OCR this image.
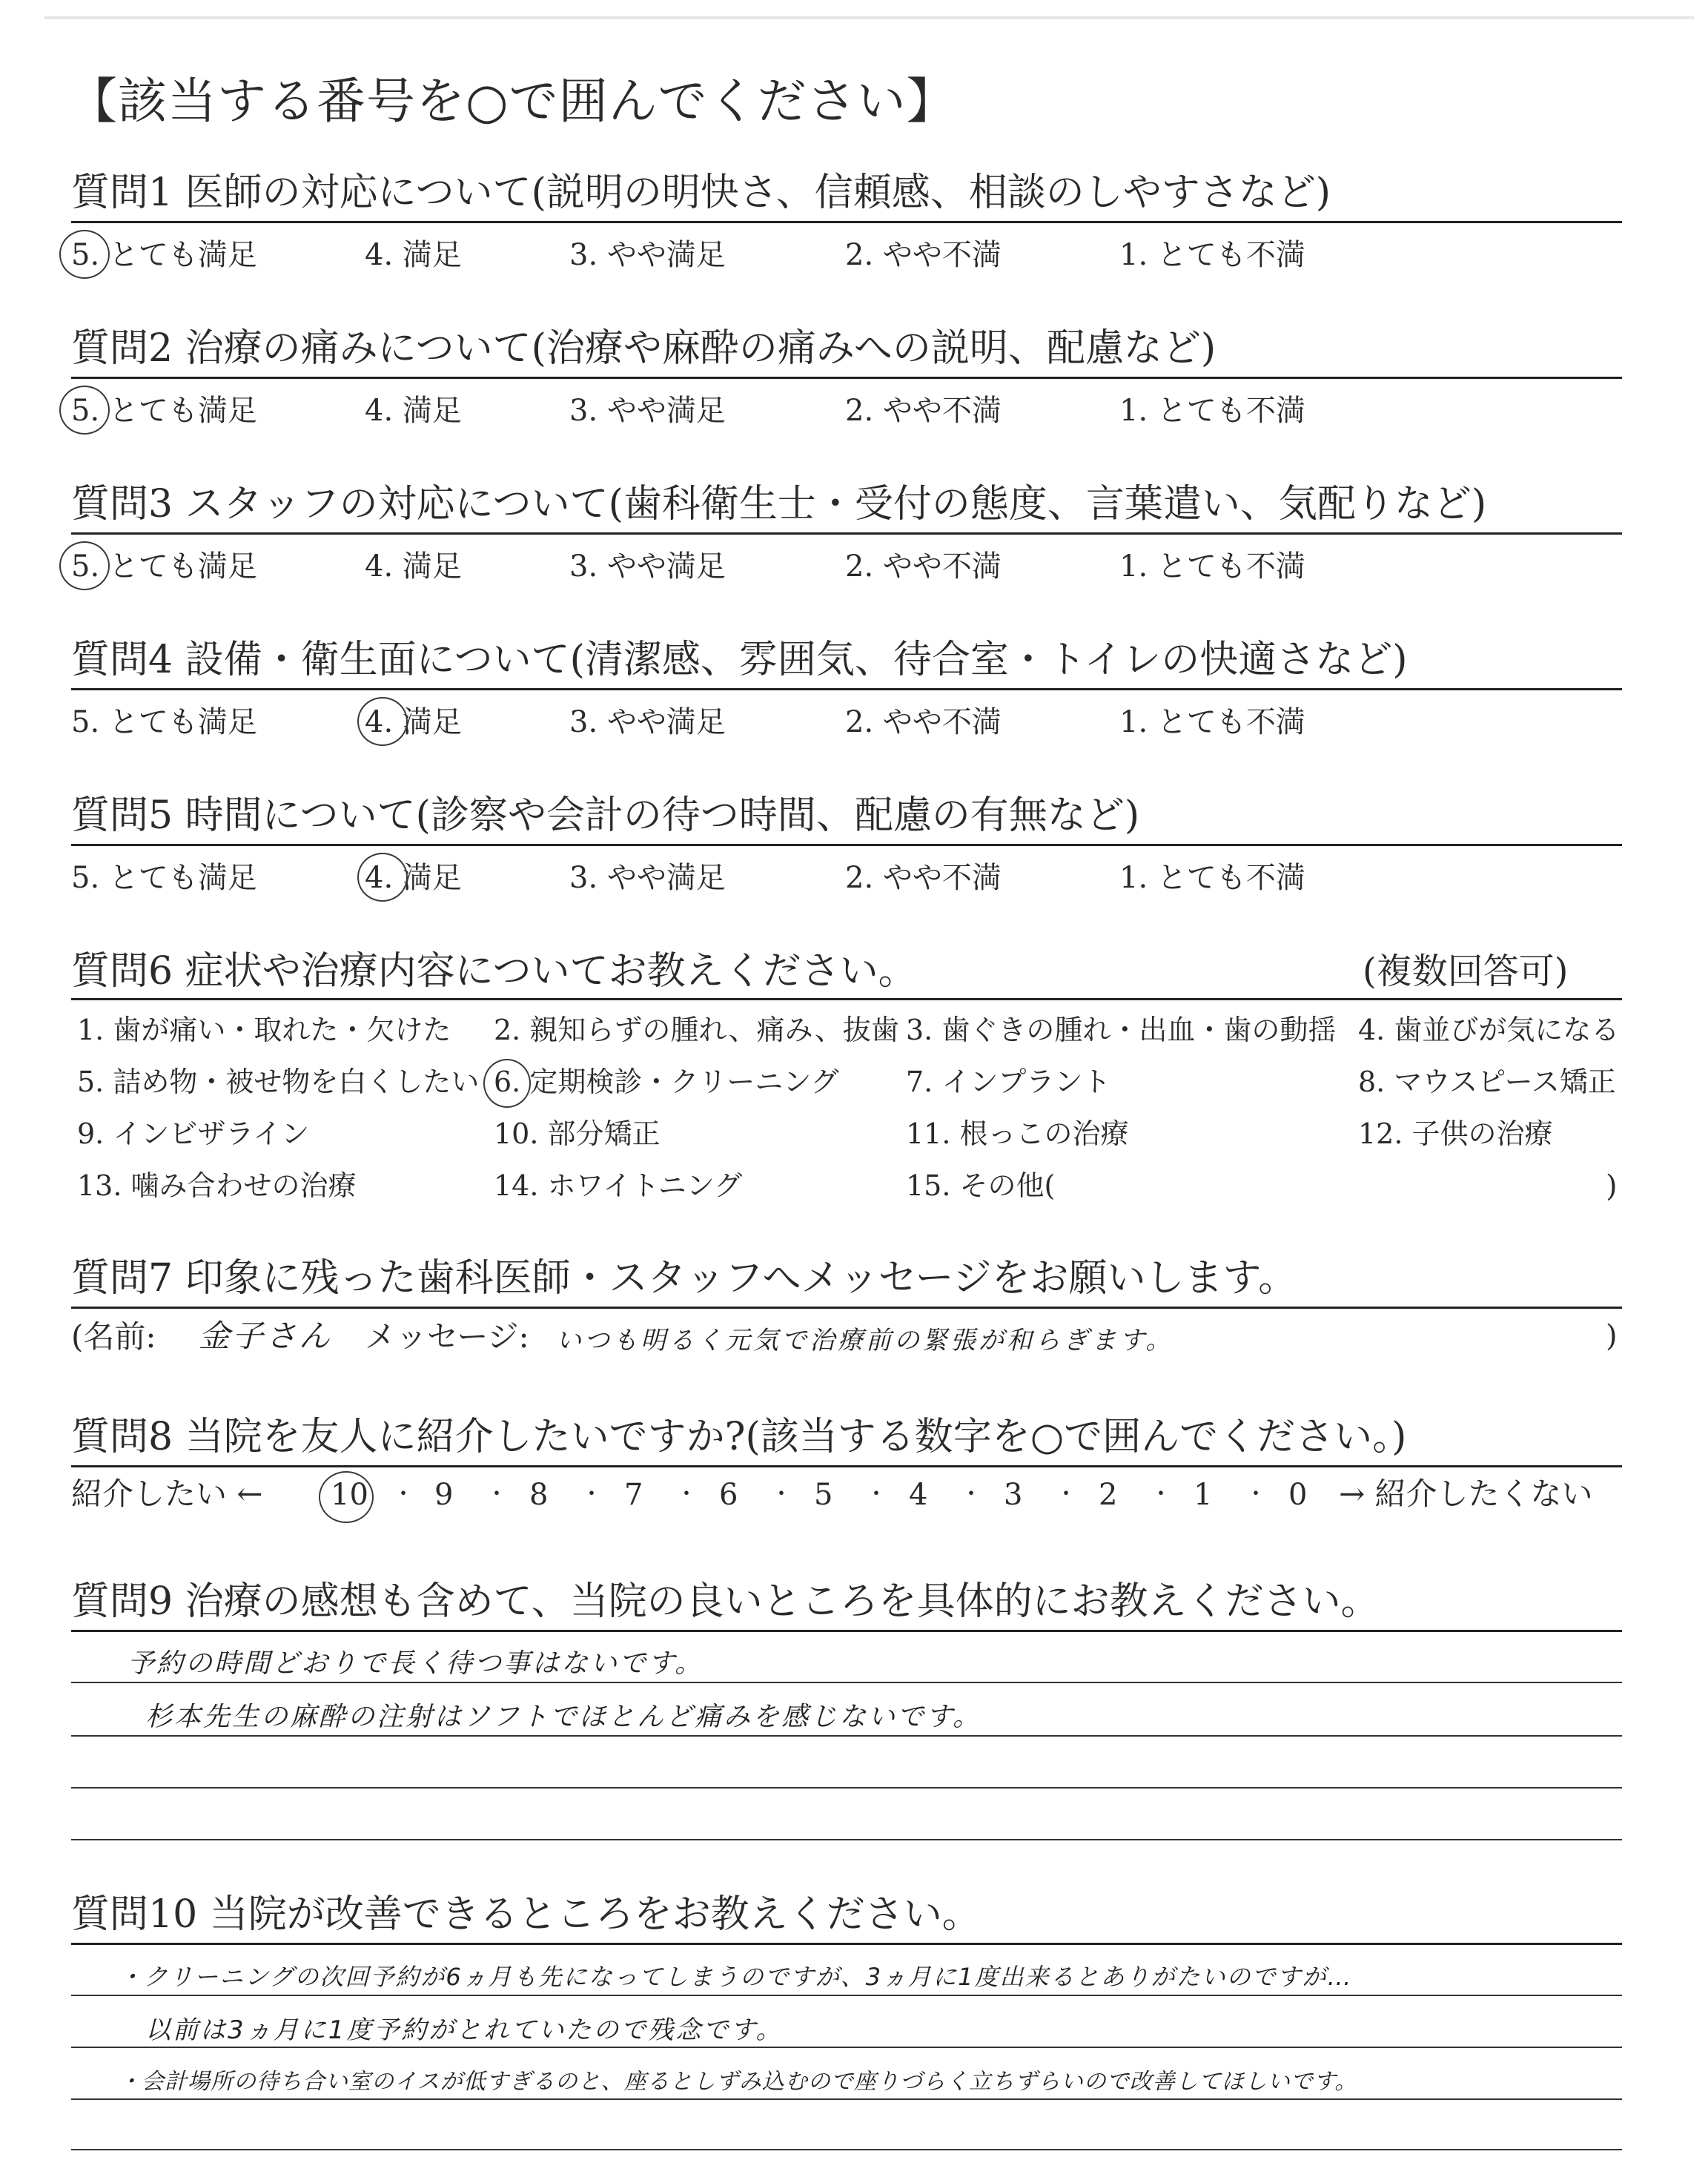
【該当する番号を○で囲んでください】
質問1 医師の対応について(説明の明快さ、信頼感、相談のしやすさなど)
5. とても満足	4. 満足	3. やや満足	2. やや不満	1. とても不満
質問2 治療の痛みについて(治療や麻酔の痛みへの説明、配慮など)
5. とても満足	4. 満足	3. やや満足	2. やや不満	1. とても不満
質問3 スタッフの対応について(歯科衛生士・受付の態度、言葉遣い、気配りなど)
5. とても満足	4. 満足	3. やや満足	2. やや不満	1. とても不満
質問4 設備・衛生面について(清潔感、雰囲気、待合室・トイレの快適さなど)
5. とても満足	4. 満足	3. やや満足	2. やや不満	1. とても不満
質問5 時間について(診察や会計の待つ時間、配慮の有無など)
5. とても満足	4. 満足	3. やや満足	2. やや不満	1. とても不満
質問6 症状や治療内容についてお教えください。	(複数回答可)
1. 歯が痛い・取れた・欠けた 2. 親知らずの腫れ、痛み、抜歯 3. 歯ぐきの腫れ・出血・歯の動揺 4. 歯並びが気になる
5. 詰め物・被せ物を白くしたい 6. 定期検診・クリーニング 7. インプラント	8. マウスピース矯正
9. インビザライン	10. 部分矯正	11. 根っこの治療	12. 子供の治療
13. 噛み合わせの治療	14. ホワイトニング	15. その他(	)
質問7 印象に残った歯科医師・スタッフへメッセージをお願いします。
(名前: 金子さん メッセージ: いつも明るく元気で治療前の緊張が和らぎます。	)
質問8 当院を友人に紹介したいですか?(該当する数字を○で囲んでください。)
紹介したい ← 10 ・ 9 ・ 8 ・ 7 ・ 6 ・ 5 ・ 4 ・ 3 ・ 2 ・ 1 ・ 0 → 紹介したくない
質問9 治療の感想も含めて、当院の良いところを具体的にお教えください。
予約の時間どおりで長く待つ事はないです。
杉本先生の麻酔の注射はソフトでほとんど痛みを感じないです。
質問10 当院が改善できるところをお教えください。
・クリーニングの次回予約が6ヵ月も先になってしまうのですが、3ヵ月に1度出来るとありがたいのですが…
以前は3ヵ月に1度予約がとれていたので残念です。
・会計場所の待ち合い室のイスが低すぎるのと、座るとしずみ込むので座りづらく立ちずらいので改善してほしいです。
